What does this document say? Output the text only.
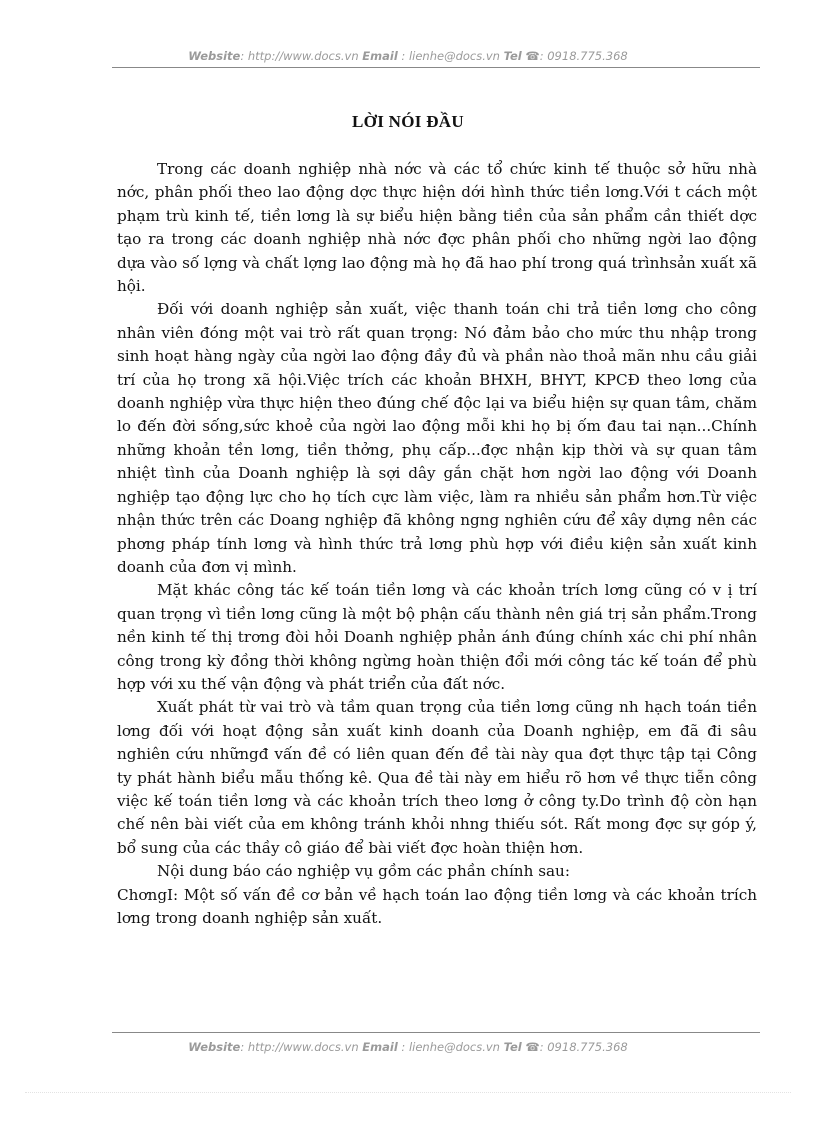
Website: http://www.docs.vn Email : lienhe@docs.vn Tel ☎: 0918.775.368
LỜI NÓI ĐẦU

Trong các doanh nghiệp nhà nớc và các tổ chức kinh tế thuộc sở hữu nhà nớc, phân phối theo lao động dợc thực hiện dới hình thức tiền lơng.Với t cách một phạm trù kinh tế, tiền lơng là sự biểu hiện bằng tiền của sản phẩm cần thiết dợc tạo ra trong các doanh nghiệp nhà nớc đợc phân phối cho những ngời lao động dựa vào số lợng và chất lợng lao động mà họ đã hao phí trong quá trìnhsản xuất xã hội.

Đối với doanh nghiệp sản xuất, việc thanh toán chi trả tiền lơng cho công nhân viên đóng một vai trò rất quan trọng: Nó đảm bảo cho mức thu nhập trong sinh hoạt hàng ngày của ngời lao động đầy đủ và phần nào thoả mãn nhu cầu giải trí của họ trong xã hội.Việc trích các khoản BHXH, BHYT, KPCĐ theo lơng của doanh nghiệp vừa thực hiện theo đúng chế độc lại va biểu hiện sự quan tâm, chăm lo đến đời sống,sức khoẻ của ngời lao động mỗi khi họ bị ốm đau tai nạn...Chính những khoản tền lơng, tiền thởng, phụ cấp...đợc nhận kịp thời và sự quan tâm nhiệt tình của Doanh nghiệp là sợi dây gắn chặt hơn ngời lao động với Doanh nghiệp tạo động lực cho họ tích cực làm việc, làm ra nhiều sản phẩm hơn.Từ việc nhận thức trên các Doang nghiệp đã không ngng nghiên cứu để xây dựng nên các phơng pháp tính lơng và hình thức trả lơng phù hợp với điều kiện sản xuất kinh doanh của đơn vị mình.

Mặt khác công tác kế toán tiền lơng và các khoản trích lơng cũng có v ị trí quan trọng vì tiền lơng cũng là một bộ phận cấu thành nên giá trị sản phẩm.Trong nền kinh tế thị trơng đòi hỏi Doanh nghiệp phản ánh đúng chính xác chi phí nhân công trong kỳ đồng thời không ngừng hoàn thiện đổi mới công tác kế toán để phù hợp với xu thế vận động và phát triển của đất nớc.

Xuất phát từ vai trò và tầm quan trọng của tiền lơng cũng nh hạch toán tiền lơng đối với hoạt động sản xuất kinh doanh của Doanh nghiệp, em đã đi sâu nghiên cứu nhữngđ vấn đề có liên quan đến đề tài này qua đợt thực tập tại Công ty phát hành biểu mẫu thống kê. Qua đề tài này em hiểu rõ hơn về thực tiễn công việc kế toán tiền lơng và các khoản trích theo lơng ở công ty.Do trình độ còn hạn chế nên bài viết của em không tránh khỏi nhng thiếu sót. Rất mong đợc sự góp ý, bổ sung của các thầy cô giáo để bài viết đợc hoàn thiện hơn.

Nội dung báo cáo nghiệp vụ gồm các phần chính sau:

ChơngI: Một số vấn đề cơ bản về hạch toán lao động tiền lơng và các khoản trích lơng trong doanh nghiệp sản xuất.

Website: http://www.docs.vn Email : lienhe@docs.vn Tel ☎: 0918.775.368
